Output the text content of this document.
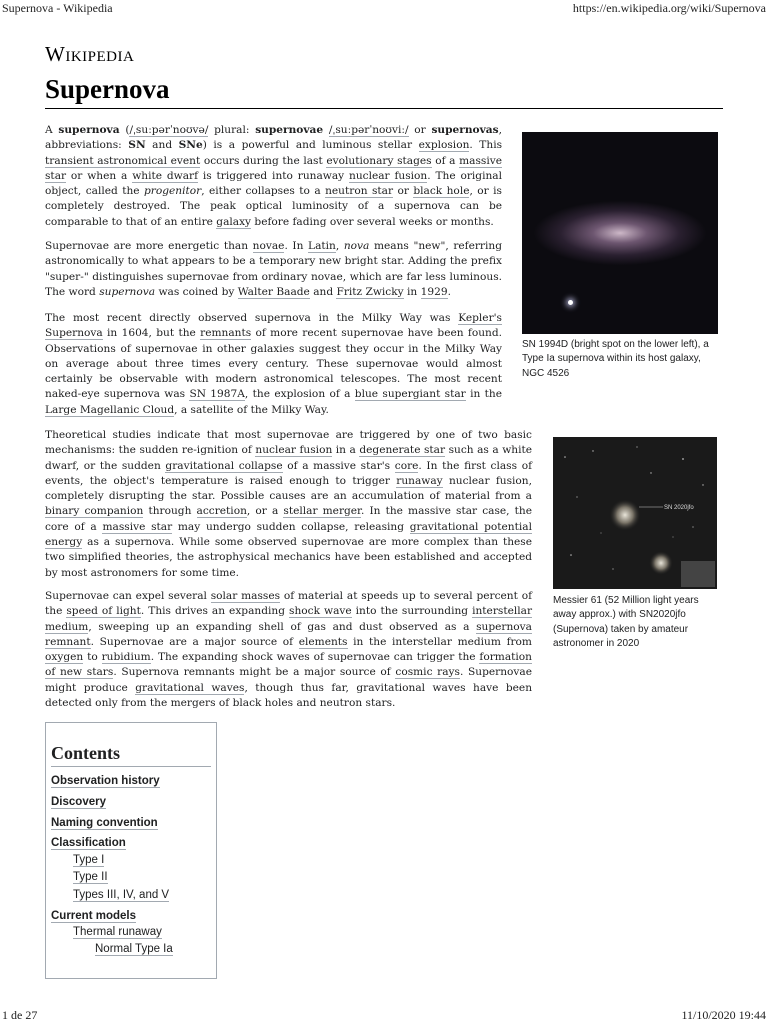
Supernova - Wikipedia	https://en.wikipedia.org/wiki/Supernova
Wikipedia
Supernova
SN 1994D (bright spot on the lower left), a Type Ia supernova within its host galaxy, NGC 4526
SN 2020jfo
Messier 61 (52 Million light years away approx.) with SN2020jfo (Supernova) taken by amateur astronomer in 2020

A supernova (/ˌsuːpərˈnoʊvə/ plural: supernovae /ˌsuːpərˈnoʊviː/ or supernovas, abbreviations: SN and SNe) is a powerful and luminous stellar explosion. This transient astronomical event occurs during the last evolutionary stages of a massive star or when a white dwarf is triggered into runaway nuclear fusion. The original object, called the progenitor, either collapses to a neutron star or black hole, or is completely destroyed. The peak optical luminosity of a supernova can be comparable to that of an entire galaxy before fading over several weeks or months.

Supernovae are more energetic than novae. In Latin, nova means "new", referring astronomically to what appears to be a temporary new bright star. Adding the prefix "super-" distinguishes supernovae from ordinary novae, which are far less luminous. The word supernova was coined by Walter Baade and Fritz Zwicky in 1929.

The most recent directly observed supernova in the Milky Way was Kepler's Supernova in 1604, but the remnants of more recent supernovae have been found. Observations of supernovae in other galaxies suggest they occur in the Milky Way on average about three times every century. These supernovae would almost certainly be observable with modern astronomical telescopes. The most recent naked-eye supernova was SN 1987A, the explosion of a blue supergiant star in the Large Magellanic Cloud, a satellite of the Milky Way.

Theoretical studies indicate that most supernovae are triggered by one of two basic mechanisms: the sudden re-ignition of nuclear fusion in a degenerate star such as a white dwarf, or the sudden gravitational collapse of a massive star's core. In the first class of events, the object's temperature is raised enough to trigger runaway nuclear fusion, completely disrupting the star. Possible causes are an accumulation of material from a binary companion through accretion, or a stellar merger. In the massive star case, the core of a massive star may undergo sudden collapse, releasing gravitational potential energy as a supernova. While some observed supernovae are more complex than these two simplified theories, the astrophysical mechanics have been established and accepted by most astronomers for some time.

Supernovae can expel several solar masses of material at speeds up to several percent of the speed of light. This drives an expanding shock wave into the surrounding interstellar medium, sweeping up an expanding shell of gas and dust observed as a supernova remnant. Supernovae are a major source of elements in the interstellar medium from oxygen to rubidium. The expanding shock waves of supernovae can trigger the formation of new stars. Supernova remnants might be a major source of cosmic rays. Supernovae might produce gravitational waves, though thus far, gravitational waves have been detected only from the mergers of black holes and neutron stars.

Contents
Observation history
Discovery
Naming convention
Classification
Type I
Type II
Types III, IV, and V
Current models
Thermal runaway
Normal Type Ia
1 de 27	11/10/2020 19:44
